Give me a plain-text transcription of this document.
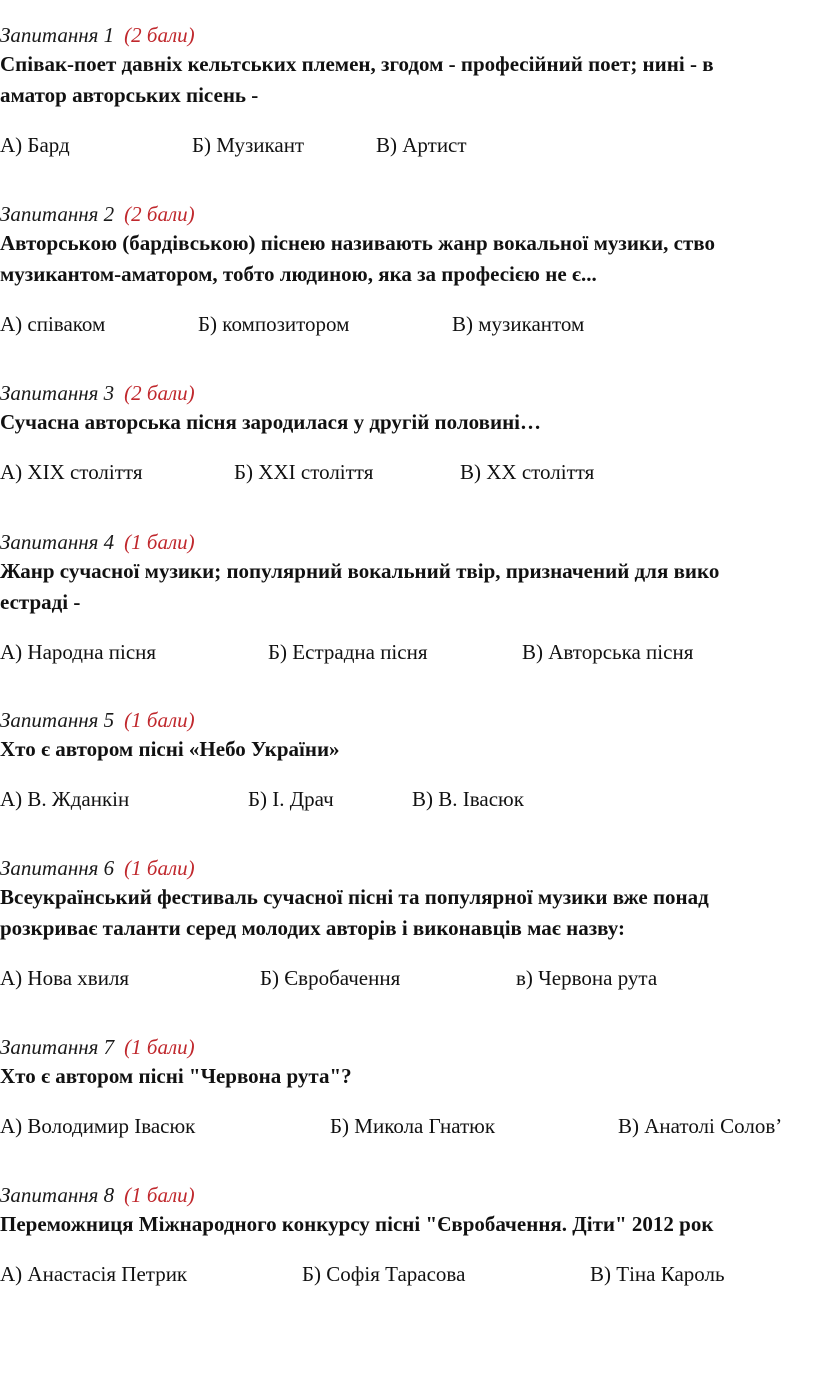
Запитання 1 (2 бали)
Співак-поет давніх кельтських племен, згодом - професійний поет; нині - в
аматор авторських пісень -
А) Бард	Б) Музикант	В) Артист
Запитання 2 (2 бали)
Авторською (бардівською) піснею називають жанр вокальної музики, ство
музикантом-аматором, тобто людиною, яка за професією не є...
А) співаком	Б) композитором	В) музикантом
Запитання 3 (2 бали)
Сучасна авторська пісня зародилася у другій половині…
А) XIX століття	Б) XXI століття	В) XX століття
Запитання 4 (1 бали)
Жанр сучасної музики; популярний вокальний твір, призначений для вико
естраді -
А) Народна пісня	Б) Естрадна пісня	В) Авторська пісня
Запитання 5 (1 бали)
Хто є автором пісні «Небо України»
А) В. Жданкін	Б) І. Драч	В) В. Івасюк
Запитання 6 (1 бали)
Всеукраїнський фестиваль сучасної пісні та популярної музики вже понад
розкриває таланти серед молодих авторів і виконавців має назву:
А) Нова хвиля	Б) Євробачення	в) Червона рута
Запитання 7 (1 бали)
Хто є автором пісні "Червона рута"?
А) Володимир Івасюк	Б) Микола Гнатюк	В) Анатолі Солов’
Запитання 8 (1 бали)
Переможниця Міжнародного конкурсу пісні "Євробачення. Діти" 2012 рок
А) Анастасія Петрик	Б) Софія Тарасова	В) Тіна Кароль
